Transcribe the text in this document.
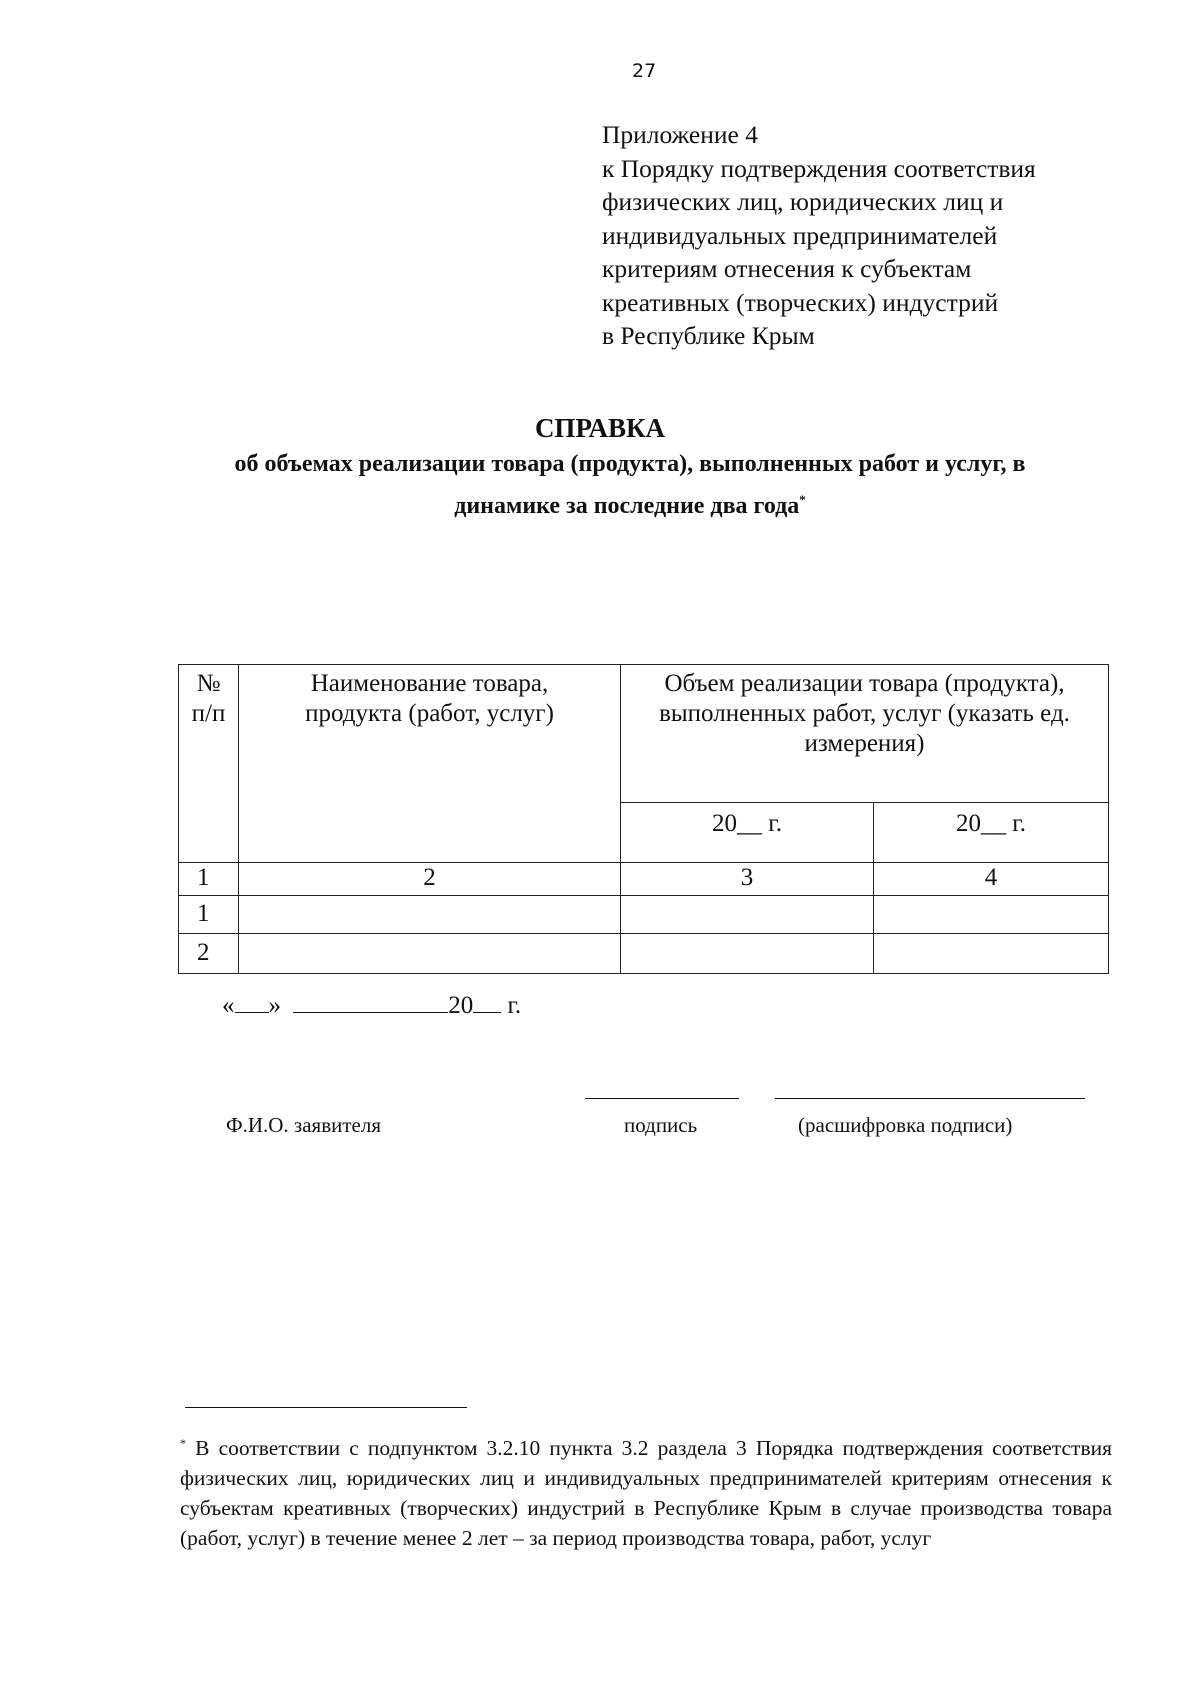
27
Приложение 4
к Порядку подтверждения соответствия
физических лиц, юридических лиц и
индивидуальных предпринимателей
критериям отнесения к субъектам
креативных (творческих) индустрий
в Республике Крым
СПРАВКА
об объемах реализации товара (продукта), выполненных работ и услуг, в
динамике за последние два года*
№ п/п	Наименование товара, продукта (работ, услуг)	Объем реализации товара (продукта), выполненных работ, услуг (указать ед. измерения)	
		20__ г.	20__ г.
1	2	3	4
1			
2			
« »	20 г.
Ф.И.О. заявителя	подпись	(расшифровка подписи)
* В соответствии с подпунктом 3.2.10 пункта 3.2 раздела 3 Порядка подтверждения соответствия физических лиц, юридических лиц и индивидуальных предпринимателей критериям отнесения к субъектам креативных (творческих) индустрий в Республике Крым в случае производства товара (работ, услуг) в течение менее 2 лет – за период производства товара, работ, услуг
